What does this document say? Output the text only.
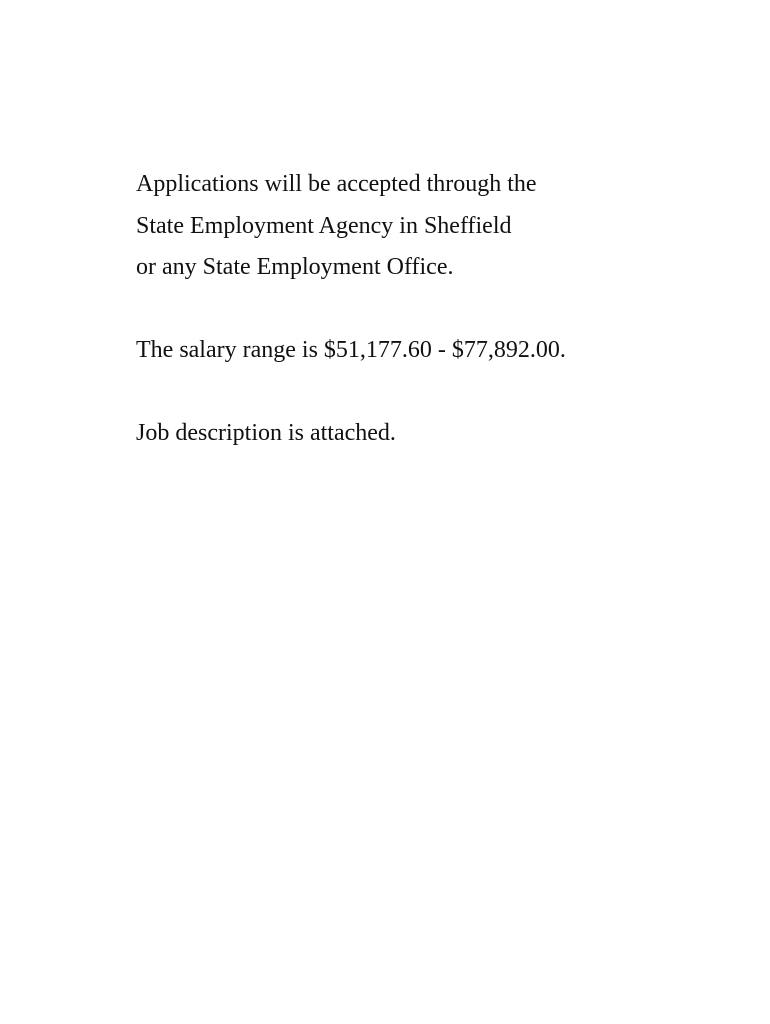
Applications will be accepted through the
State Employment Agency in Sheffield
or any State Employment Office.

The salary range is $51,177.60 - $77,892.00.

Job description is attached.
